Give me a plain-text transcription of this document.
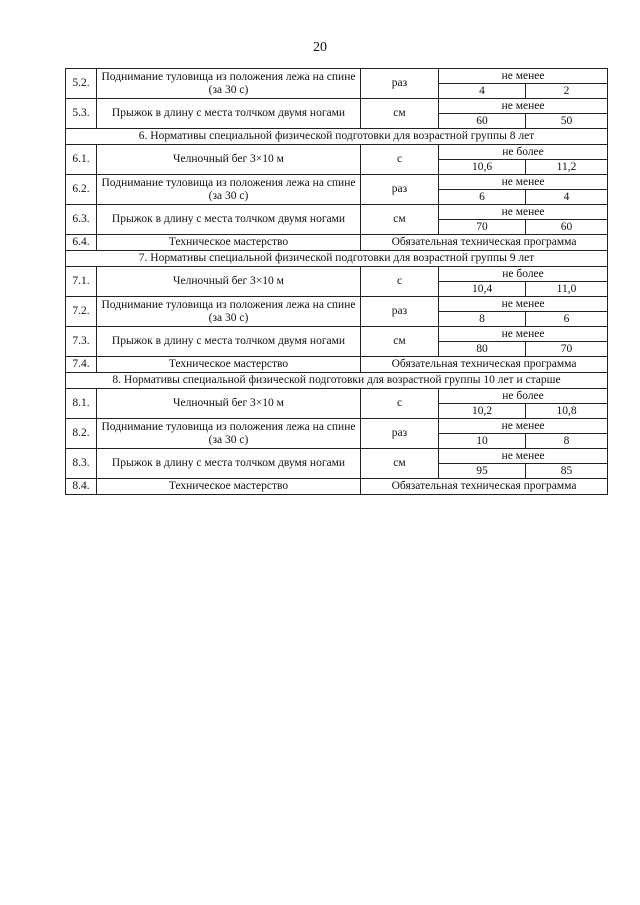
20
5.2.	Поднимание туловища из положения лежа на спине (за 30 с)	раз	не менее	
			4	2
5.3.	Прыжок в длину с места толчком двумя ногами	см	не менее	
			60	50
6. Нормативы специальной физической подготовки для возрастной группы 8 лет				
6.1.	Челночный бег 3×10 м	с	не более	
			10,6	11,2
6.2.	Поднимание туловища из положения лежа на спине (за 30 с)	раз	не менее	
			6	4
6.3.	Прыжок в длину с места толчком двумя ногами	см	не менее	
			70	60
6.4.	Техническое мастерство	Обязательная техническая программа		
7. Нормативы специальной физической подготовки для возрастной группы 9 лет				
7.1.	Челночный бег 3×10 м	с	не более	
			10,4	11,0
7.2.	Поднимание туловища из положения лежа на спине (за 30 с)	раз	не менее	
			8	6
7.3.	Прыжок в длину с места толчком двумя ногами	см	не менее	
			80	70
7.4.	Техническое мастерство	Обязательная техническая программа		
8. Нормативы специальной физической подготовки для возрастной группы 10 лет и старше				
8.1.	Челночный бег 3×10 м	с	не более	
			10,2	10,8
8.2.	Поднимание туловища из положения лежа на спине (за 30 с)	раз	не менее	
			10	8
8.3.	Прыжок в длину с места толчком двумя ногами	см	не менее	
			95	85
8.4.	Техническое мастерство	Обязательная техническая программа		
